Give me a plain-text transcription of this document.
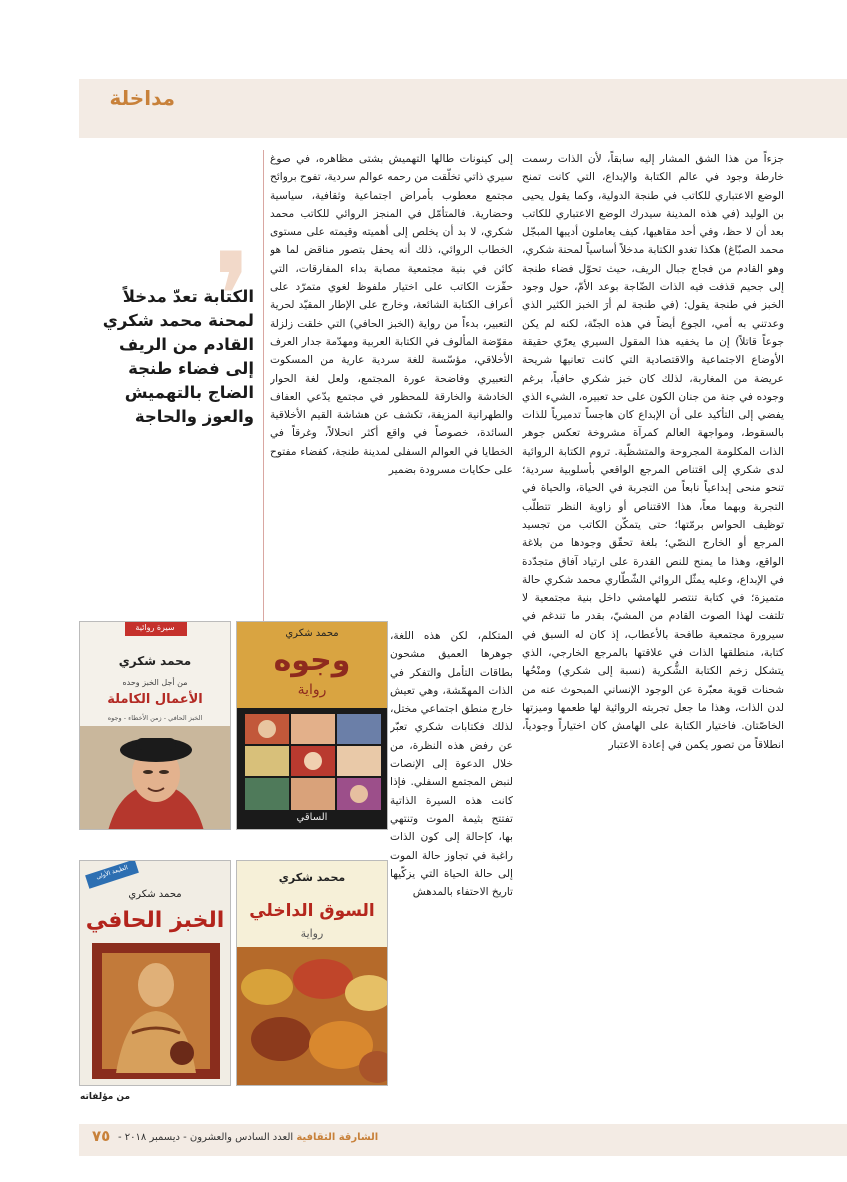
مداخلة

جزءاً من هذا الشق المشار إليه سابقاً، لأن الذات رسمت خارطة وجود في عالم الكتابة والإبداع، التي كانت تمنح الوضع الاعتباري للكاتب في طنجة الدولية، وكما يقول يحيى بن الوليد (في هذه المدينة سيدرك الوضع الاعتباري للكاتب بعد أن لا حظ، وفي أحد مقاهيها، كيف يعاملون أديبها المبجّل محمد الصبّاغ) هكذا تغدو الكتابة مدخلاً أساسياً لمحنة شكري، وهو القادم من فجاج جبال الريف، حيث تحوّل فضاء طنجة إلى جحيم قذفت فيه الذات الضّاجة بوعد الأمّ، حول وجود الخبز في طنجة يقول: (في طنجة لم أرَ الخبز الكثير الذي وعدتني به أمي، الجوع أيضاً في هذه الجنّة، لكنه لم يكن جوعاً قاتلاً) إن ما يخفيه هذا المقول السيري يعرّي حقيقة الأوضاع الاجتماعية والاقتصادية التي كانت تعانيها شريحة عريضة من المغاربة، لذلك كان خبز شكري حافياً، برغم وجوده في جنة من جنان الكون على حد تعبيره، الشيء الذي يفضي إلى التأكيد على أن الإبداع كان هاجساً تدميرياً للذات بالسقوط، ومواجهة العالم كمرآة مشروخة تعكس جوهر الذات المكلومة المجروحة والمتشظّية. تروم الكتابة الروائية لدى شكري إلى اقتناص المرجع الواقعي بأسلوبية سردية؛ تنحو منحى إبداعياً نابعاً من التجربة في الحياة، والحياة في التجربة وبهما معاً، هذا الاقتناص أو زاوية النظر تتطلّب توظيف الحواس برمّتها؛ حتى يتمكّن الكاتب من تجسيد المرجع أو الخارج النصّي؛ بلغة تحقّق وجودها من بلاغة الواقع، وهذا ما يمنح للنص القدرة على ارتياد آفاق متجدّدة في الإبداع، وعليه يمثّل الروائي الشّطّاري محمد شكري حالة متميزة؛ في كتابة تنتصر للهامشي داخل بنية مجتمعية لا تلتفت لهذا الصوت القادم من المشيّ، بقدر ما تندغم في سيرورة مجتمعية طافحة بالأعطاب، إذ كان له السبق في كتابة، منطلقها الذات في علاقتها بالمرجع الخارجي، الذي يتشكل زخم الكتابة الشُّكرية (نسبة إلى شكري) ومنْحُها شحنات قوية معبّرة عن الوجود الإنساني المبحوث عنه من لدن الذات، وهذا ما جعل تجربته الروائية لها طعمها وميزتها الخاصّتان. فاختيار الكتابة على الهامش كان اختياراً وجودياً، انطلاقاً من تصور يكمن في إعادة الاعتبار

إلى كينونات طالها التهميش بشتى مظاهره، في صوغ سيري ذاتي تخلّقت من رحمه عوالم سردية، تفوح بروائح مجتمع معطوب بأمراض اجتماعية وثقافية، سياسية وحضارية. فالمتأمّل في المنجز الروائي للكاتب محمد شكري، لا بد أن يخلص إلى أهميته وقيمته على مستوى الخطاب الروائي، ذلك أنه يحفل بتصور مناقض لما هو كائن في بنية مجتمعية مصابة بداء المفارقات، التي حفّزت الكاتب على اختيار ملفوظ لغوي متمرّد على أعراف الكتابة الشائعة، وخارج على الإطار المقيّد لحرية التعبير، بدءاً من رواية (الخبز الحافي) التي خلقت زلزلة مقوّضة المألوف في الكتابة العربية ومهدّمة جدار العرف الأخلاقي، مؤسّسة للغة سردية عارية من المسكوت التعبيري وفاضحة عورة المجتمع، ولعل لغة الحوار الخادشة والخارقة للمحظور في مجتمع يدّعي العفاف والطهرانية المزيفة، تكشف عن هشاشة القيم الأخلاقية السائدة، خصوصاً في واقع أكثر انحلالاً، وغرقاً في الخطايا في العوالم السفلى لمدينة طنجة، كفضاء مفتوح على حكايات مسرودة بضمير

المتكلم، لكن هذه اللغة، جوهرها العميق مشحون بطاقات التأمل والتفكر في الذات المهمّشة، وهي تعيش خارج منطق اجتماعي مختل، لذلك فكتابات شكري تعبّر عن رفض هذه النظرة، من خلال الدعوة إلى الإنصات لنبض المجتمع السفلي. فإذا كانت هذه السيرة الذاتية تفتتح بثيمة الموت وتنتهي بها، كإحالة إلى كون الذات راغبة في تجاوز حالة الموت إلى حالة الحياة التي يزكّيها تاريخ الاحتفاء بالمدهش

❜
الكتابة تعدّ مدخلاً لمحنة محمد شكري القادم من الريف إلى فضاء طنجة الضاج بالتهميش والعوز والحاجة
سيرة روائية
محمد شكري
من أجل الخبز وحده
الأعمال الكاملة
الخبز الحافي - زمن الأخطاء - وجوه
محمد شكري
وجوه
رواية
الساقي
الطبعة الأولى
محمد شكري
الخبز الحافي
محمد شكري
السوق الداخلي
رواية
من مؤلفاته
٧٥	الشارقة الثقافية العدد السادس والعشرون - ديسمبر ٢٠١٨ -
